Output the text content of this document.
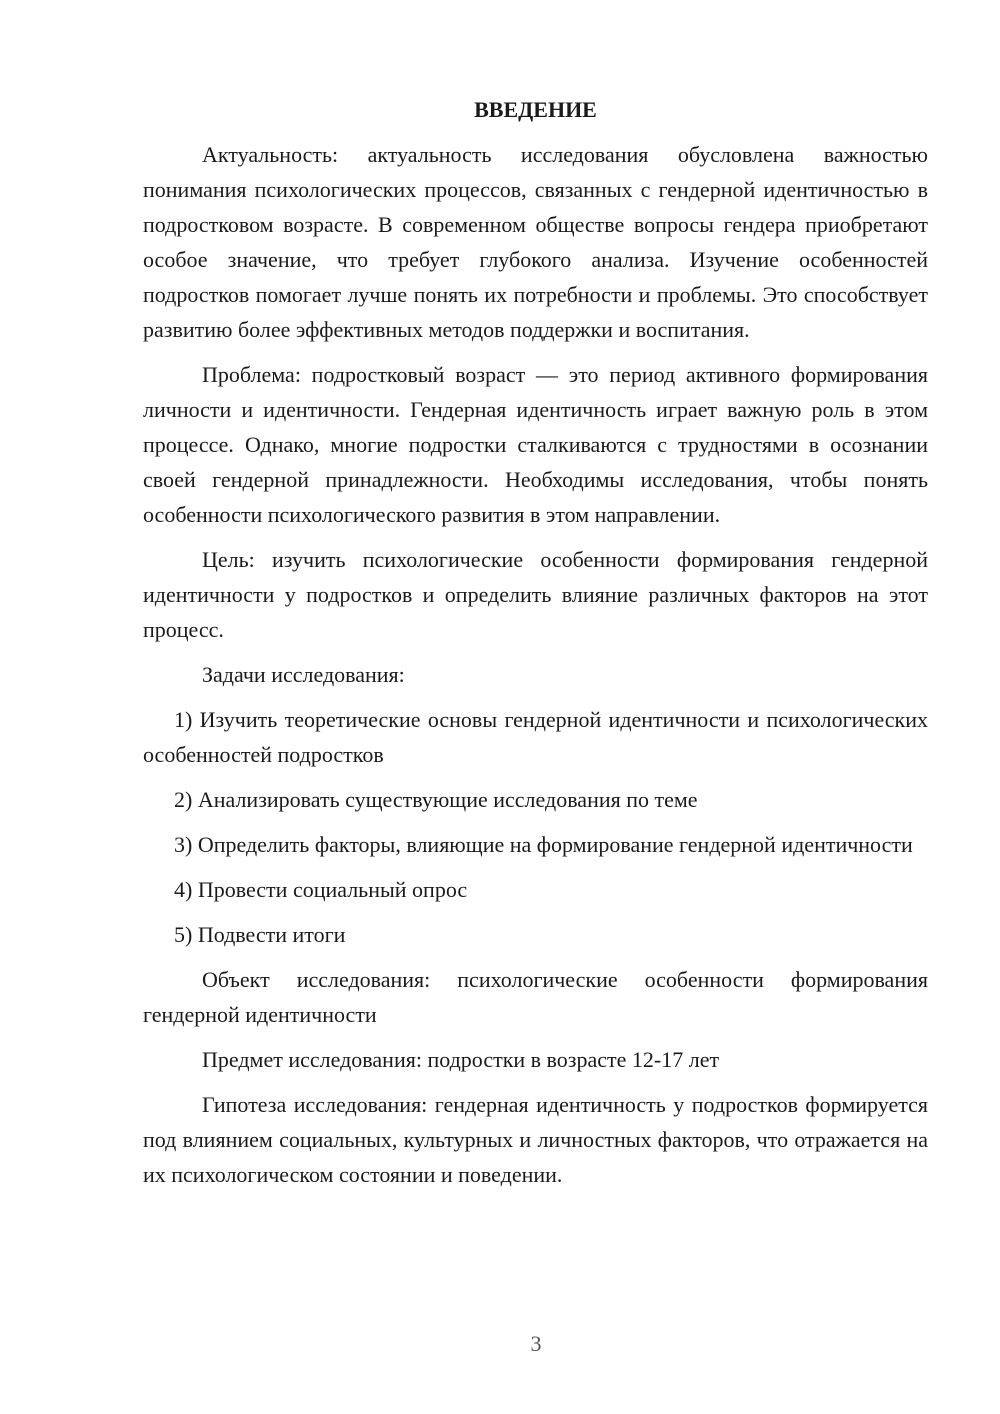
ВВЕДЕНИЕ

Актуальность: актуальность исследования обусловлена важностью понимания психологических процессов, связанных с гендерной идентичностью в подростковом возрасте. В современном обществе вопросы гендера приобретают особое значение, что требует глубокого анализа. Изучение особенностей подростков помогает лучше понять их потребности и проблемы. Это способствует развитию более эффективных методов поддержки и воспитания.

Проблема: подростковый возраст — это период активного формирования личности и идентичности. Гендерная идентичность играет важную роль в этом процессе. Однако, многие подростки сталкиваются с трудностями в осознании своей гендерной принадлежности. Необходимы исследования, чтобы понять особенности психологического развития в этом направлении.

Цель: изучить психологические особенности формирования гендерной идентичности у подростков и определить влияние различных факторов на этот процесс.

Задачи исследования:

1) Изучить теоретические основы гендерной идентичности и психологических особенностей подростков

2) Анализировать существующие исследования по теме

3) Определить факторы, влияющие на формирование гендерной идентичности

4) Провести социальный опрос

5) Подвести итоги

Объект исследования: психологические особенности формирования гендерной идентичности

Предмет исследования: подростки в возрасте 12-17 лет

Гипотеза исследования: гендерная идентичность у подростков формируется под влиянием социальных, культурных и личностных факторов, что отражается на их психологическом состоянии и поведении.

3
